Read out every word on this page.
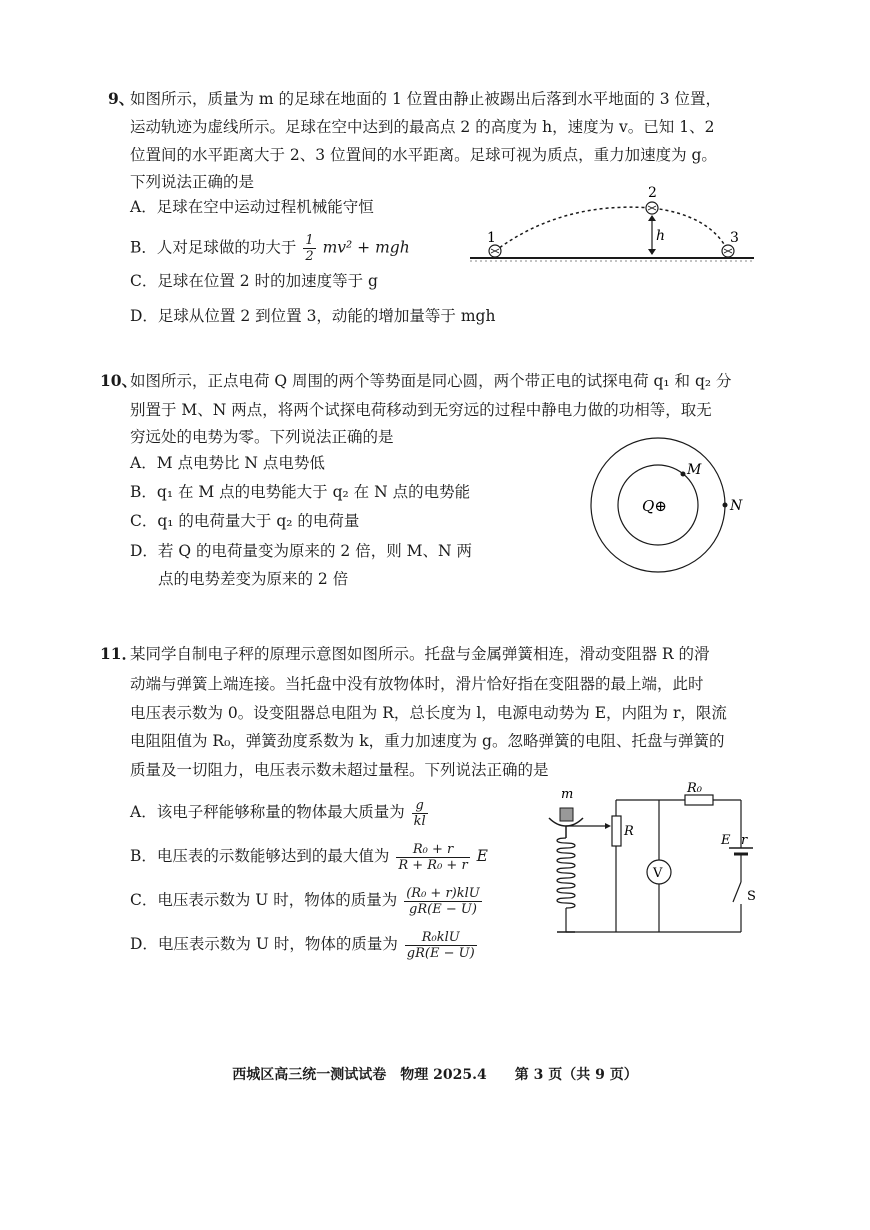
9、
如图所示，质量为 m 的足球在地面的 1 位置由静止被踢出后落到水平地面的 3 位置，
运动轨迹为虚线所示。足球在空中达到的最高点 2 的高度为 h，速度为 v。已知 1、2
位置间的水平距离大于 2、3 位置间的水平距离。足球可视为质点，重力加速度为 g。
下列说法正确的是
A．足球在空中运动过程机械能守恒
B．人对足球做的功大于 $\frac{1}{2} mv^2$ + mgh
C．足球在位置 2 时的加速度等于 g
D．足球从位置 2 到位置 3，动能的增加量等于 mgh
1
2
3
h
10、
如图所示，正点电荷 Q 周围的两个等势面是同心圆，两个带正电的试探电荷 q₁ 和 q₂ 分
别置于 M、N 两点，将两个试探电荷移动到无穷远的过程中静电力做的功相等，取无
穷远处的电势为零。下列说法正确的是
A．M 点电势比 N 点电势低
B．q₁ 在 M 点的电势能大于 q₂ 在 N 点的电势能
C．q₁ 的电荷量大于 q₂ 的电荷量
D．若 Q 的电荷量变为原来的 2 倍，则 M、N 两
点的电势差变为原来的 2 倍
Q⊕
M
N
11．
某同学自制电子秤的原理示意图如图所示。托盘与金属弹簧相连，滑动变阻器 R 的滑
动端与弹簧上端连接。当托盘中没有放物体时，滑片恰好指在变阻器的最上端，此时
电压表示数为 0。设变阻器总电阻为 R，总长度为 l，电源电动势为 E，内阻为 r，限流
电阻阻值为 R₀，弹簧劲度系数为 k，重力加速度为 g。忽略弹簧的电阻、托盘与弹簧的
质量及一切阻力，电压表示数未超过量程。下列说法正确的是
A．该电子秤能够称量的物体最大质量为 $\frac{g}{kl}$
B．电压表的示数能够达到的最大值为 $\frac{\text{R₀ + r}}{\text{R + R₀ + r}}$ E
C．电压表示数为 U 时，物体的质量为 $\frac{\text{(R₀ + r)klU}}{gR(E - U)}$
D．电压表示数为 U 时，物体的质量为 $\frac{\text{R₀klU}}{gR(E - U)}$
m
R
R₀
V
E r
S
西城区高三统一测试试卷　物理 2025.4　　第 3 页（共 9 页）
